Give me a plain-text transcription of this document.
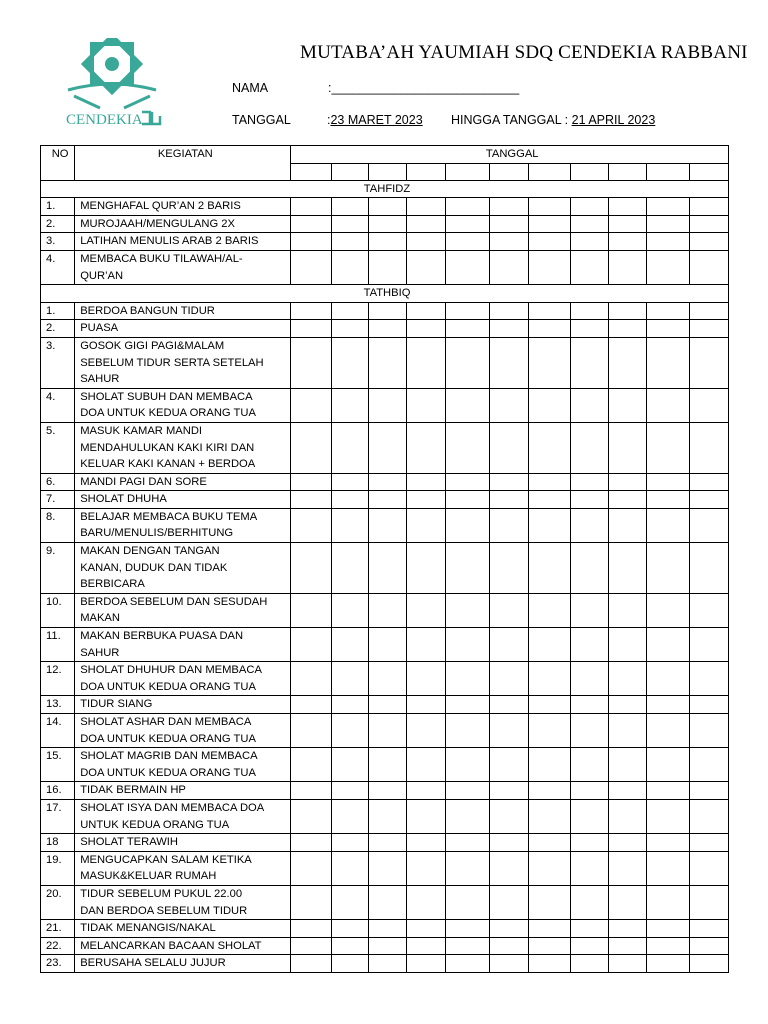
CENDEKIA
MUTABA’AH YAUMIAH SDQ CENDEKIA RABBANI
NAMA	:___________________________
TANGGAL	:23 MARET 2023 HINGGA TANGGAL : 21 APRIL 2023
NO	KEGIATAN	TANGGAL										

TAHFIDZ												
1.	MENGHAFAL QUR’AN 2 BARIS											
2.	MUROJAAH/MENGULANG 2X											
3.	LATIHAN MENULIS ARAB 2 BARIS											
4.	MEMBACA BUKU TILAWAH/AL-
QUR’AN											
TATHBIQ												
1.	BERDOA BANGUN TIDUR											
2.	PUASA											
3.	GOSOK GIGI PAGI&MALAM
SEBELUM TIDUR SERTA SETELAH
SAHUR											
4.	SHOLAT SUBUH DAN MEMBACA
DOA UNTUK KEDUA ORANG TUA											
5.	MASUK KAMAR MANDI
MENDAHULUKAN KAKI KIRI DAN
KELUAR KAKI KANAN + BERDOA											
6.	MANDI PAGI DAN SORE											
7.	SHOLAT DHUHA											
8.	BELAJAR MEMBACA BUKU TEMA
BARU/MENULIS/BERHITUNG											
9.	MAKAN DENGAN TANGAN
KANAN, DUDUK DAN TIDAK
BERBICARA											
10.	BERDOA SEBELUM DAN SESUDAH
MAKAN											
11.	MAKAN BERBUKA PUASA DAN
SAHUR											
12.	SHOLAT DHUHUR DAN MEMBACA
DOA UNTUK KEDUA ORANG TUA											
13.	TIDUR SIANG											
14.	SHOLAT ASHAR DAN MEMBACA
DOA UNTUK KEDUA ORANG TUA											
15.	SHOLAT MAGRIB DAN MEMBACA
DOA UNTUK KEDUA ORANG TUA											
16.	TIDAK BERMAIN HP											
17.	SHOLAT ISYA DAN MEMBACA DOA
UNTUK KEDUA ORANG TUA											
18	SHOLAT TERAWIH											
19.	MENGUCAPKAN SALAM KETIKA
MASUK&KELUAR RUMAH											
20.	TIDUR SEBELUM PUKUL 22.00
DAN BERDOA SEBELUM TIDUR											
21.	TIDAK MENANGIS/NAKAL											
22.	MELANCARKAN BACAAN SHOLAT											
23.	BERUSAHA SELALU JUJUR											
